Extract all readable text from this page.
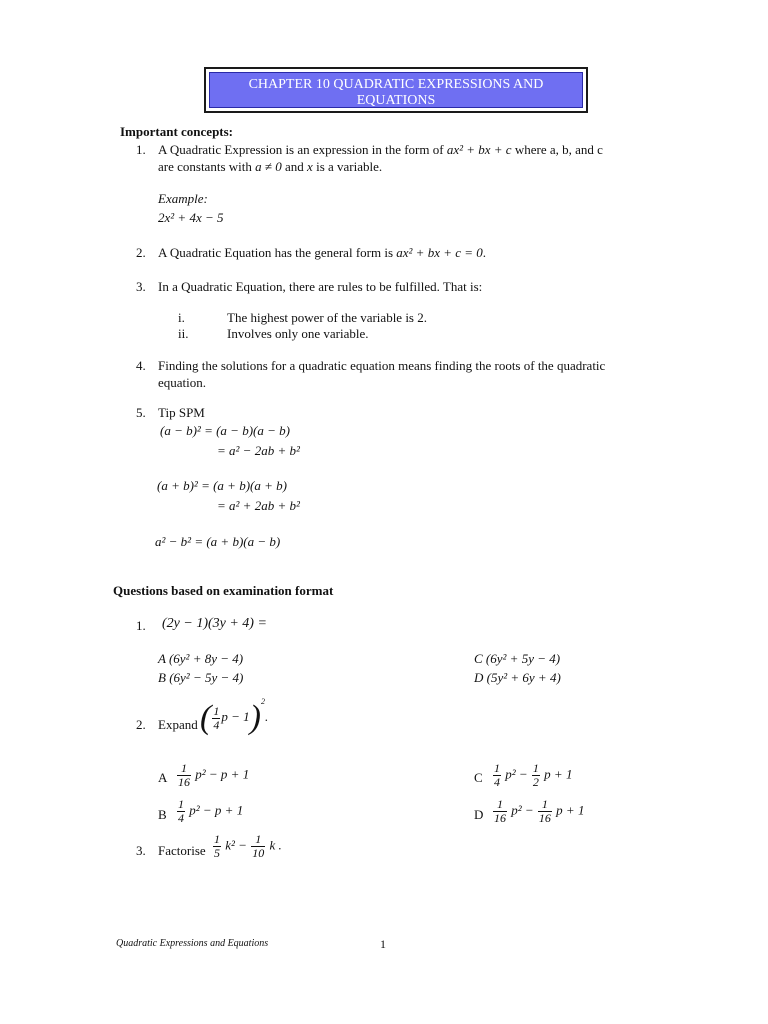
CHAPTER 10 QUADRATIC EXPRESSIONS AND
EQUATIONS
Important concepts:
1. A Quadratic Expression is an expression in the form of ax² + bx + c where a, b, and c
are constants with a ≠ 0 and x is a variable.
Example:
2x² + 4x − 5
2. A Quadratic Equation has the general form is ax² + bx + c = 0.
3. In a Quadratic Equation, there are rules to be fulfilled. That is:
i.	The highest power of the variable is 2.
ii.	Involves only one variable.
4. Finding the solutions for a quadratic equation means finding the roots of the quadratic
equation.
5. Tip SPM
(a − b)² = (a − b)(a − b)
= a² − 2ab + b²
(a + b)² = (a + b)(a + b)
= a² + 2ab + b²
a² − b² = (a + b)(a − b)
Questions based on examination format
1. (2y − 1)(3y + 4) =
A (6y² + 8y − 4)
B (6y² − 5y − 4)
C (6y² + 5y − 4)
D (5y² + 6y + 4)
2. Expand ( $\frac{1}{4}$ p − 1)$^2$.
A $\frac{1}{16} p^2 - p + 1$
B $\frac{1}{4} p^2 - p + 1$
C $\frac{1}{4} p^2 - \frac{1}{2}$ p + 1
D $\frac{1}{16} p^2 - \frac{1}{16}$ p + 1
3. Factorise $\frac{1}{5} k^2 - \frac{1}{10}$ k .
Quadratic Expressions and Equations	1
